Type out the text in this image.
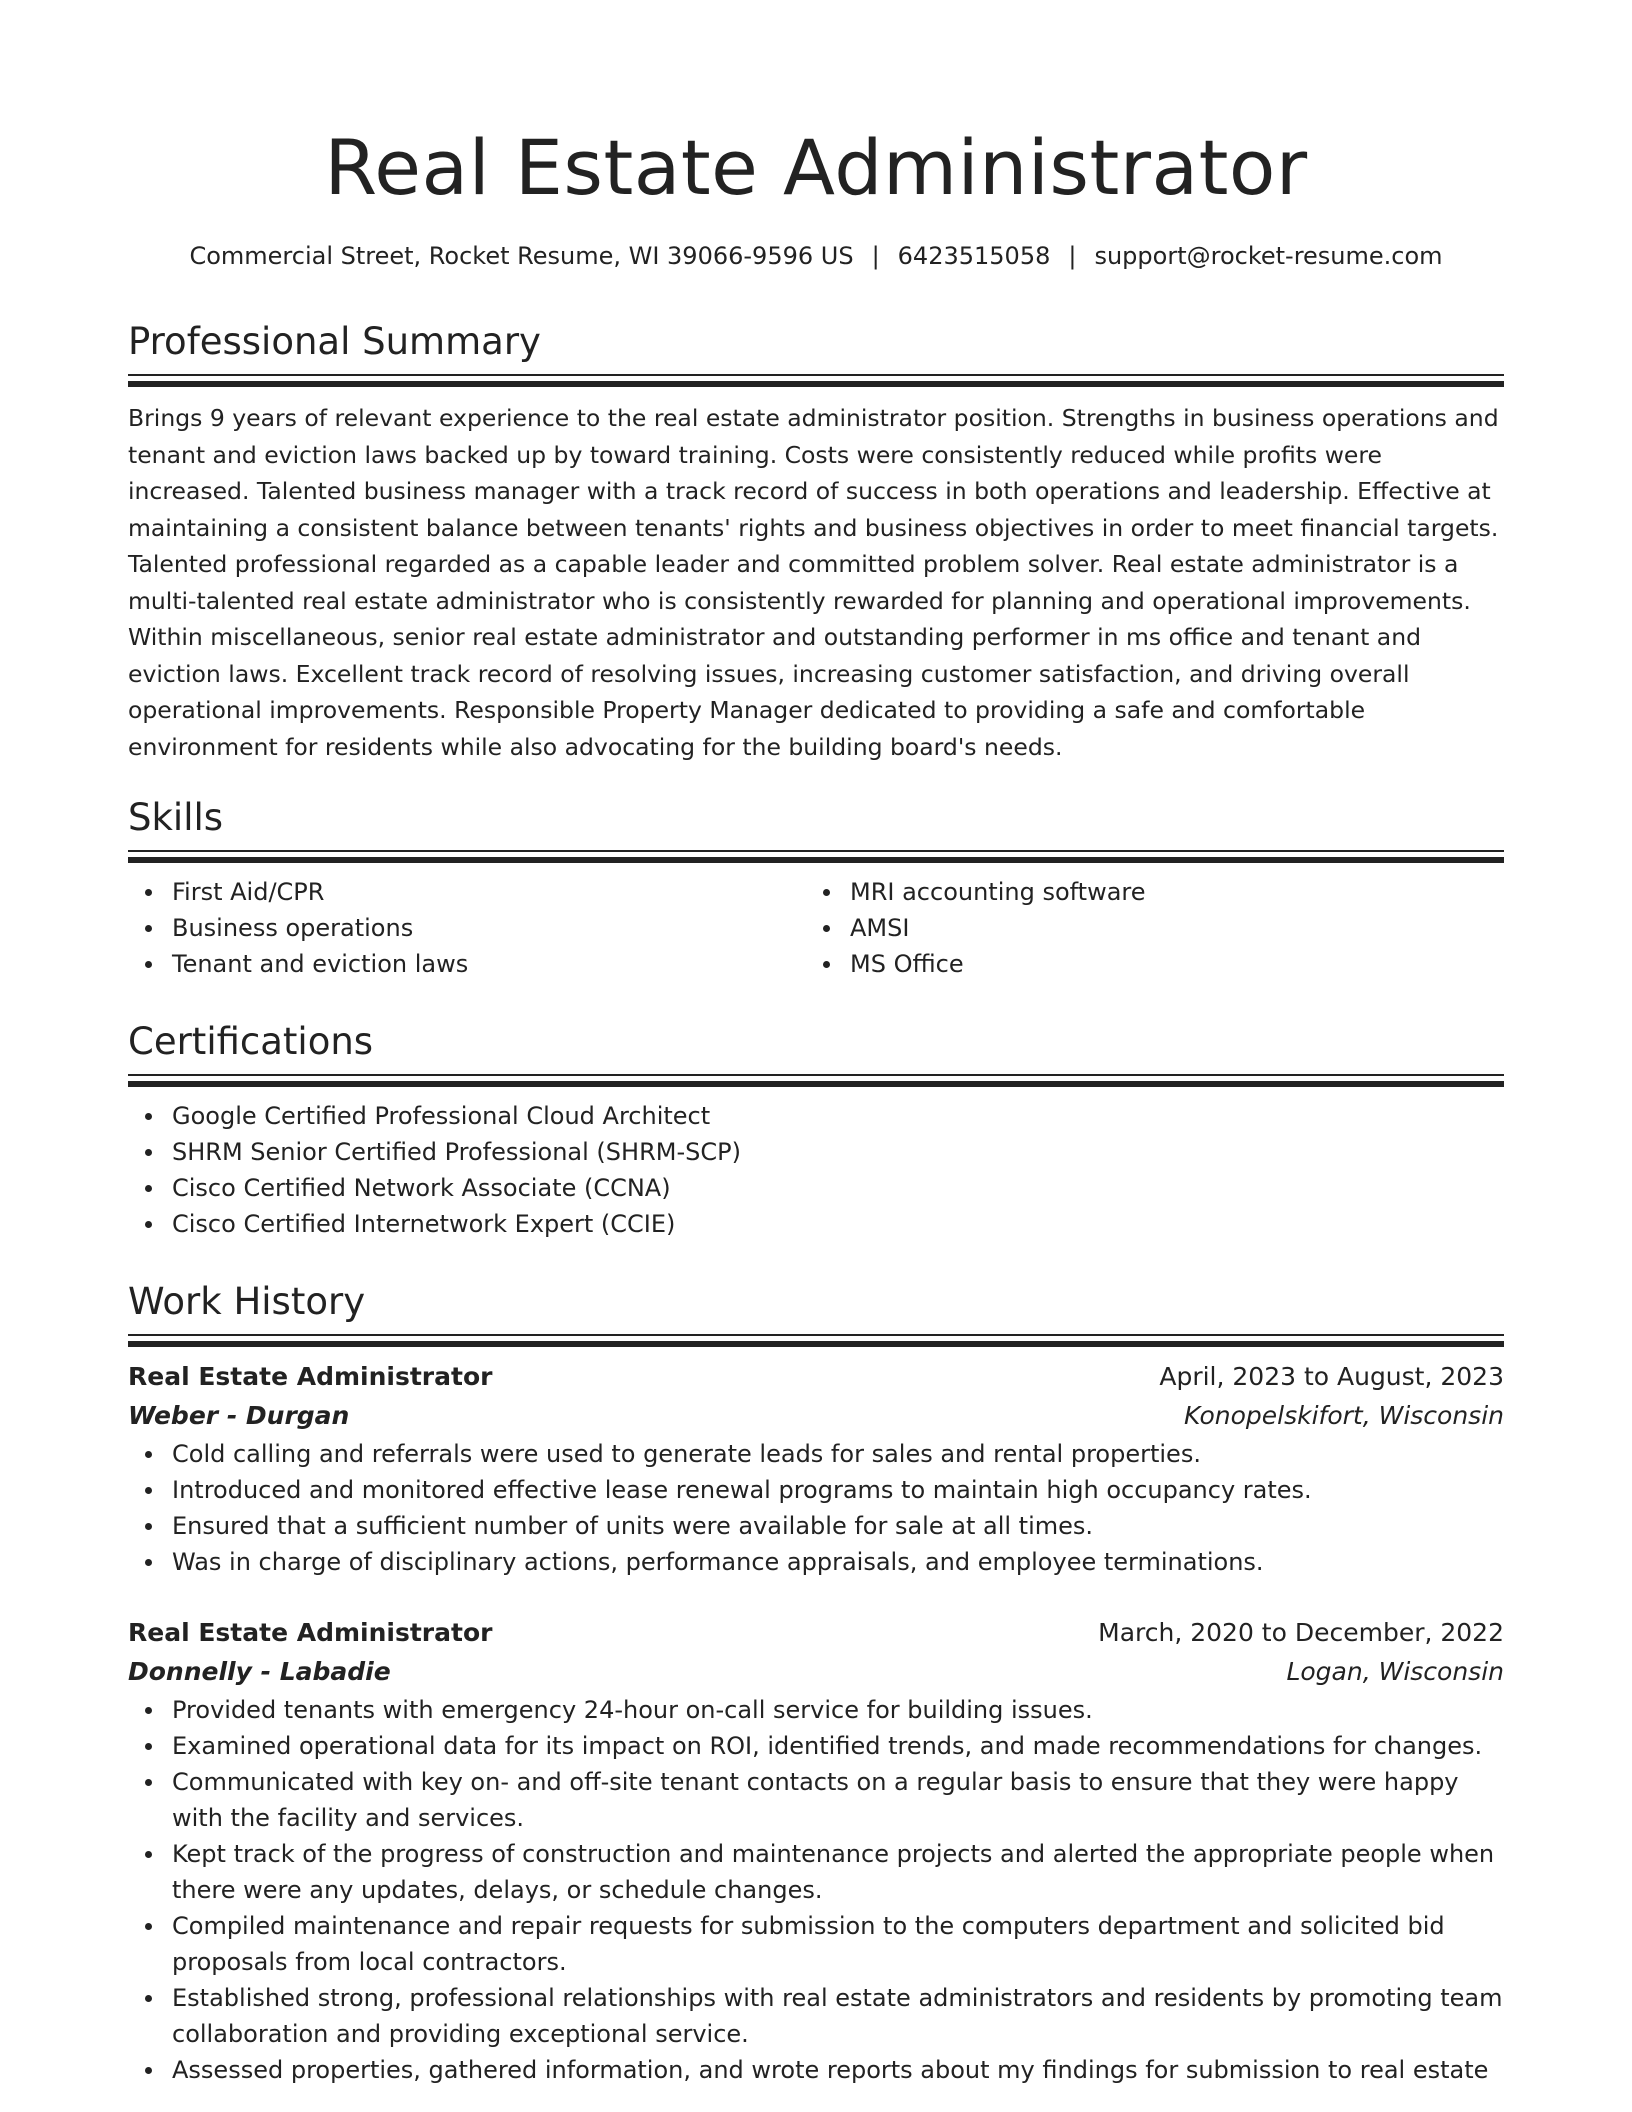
Real Estate Administrator
Commercial Street, Rocket Resume, WI 39066-9596 US | 6423515058 | support@rocket-resume.com
Professional Summary

Brings 9 years of relevant experience to the real estate administrator position. Strengths in business operations and tenant and eviction laws backed up by toward training. Costs were consistently reduced while profits were increased. Talented business manager with a track record of success in both operations and leadership. Effective at maintaining a consistent balance between tenants' rights and business objectives in order to meet financial targets. Talented professional regarded as a capable leader and committed problem solver. Real estate administrator is a multi-talented real estate administrator who is consistently rewarded for planning and operational improvements. Within miscellaneous, senior real estate administrator and outstanding performer in ms office and tenant and eviction laws. Excellent track record of resolving issues, increasing customer satisfaction, and driving overall operational improvements. Responsible Property Manager dedicated to providing a safe and comfortable environment for residents while also advocating for the building board's needs.

Skills
First Aid/CPR
Business operations
Tenant and eviction laws
MRI accounting software
AMSI
MS Office
Certifications
Google Certified Professional Cloud Architect
SHRM Senior Certified Professional (SHRM-SCP)
Cisco Certified Network Associate (CCNA)
Cisco Certified Internetwork Expert (CCIE)
Work History
Real Estate Administrator	April, 2023 to August, 2023
Weber - Durgan	Konopelskifort, Wisconsin
Cold calling and referrals were used to generate leads for sales and rental properties.
Introduced and monitored effective lease renewal programs to maintain high occupancy rates.
Ensured that a sufficient number of units were available for sale at all times.
Was in charge of disciplinary actions, performance appraisals, and employee terminations.
Real Estate Administrator	March, 2020 to December, 2022
Donnelly - Labadie	Logan, Wisconsin
Provided tenants with emergency 24-hour on-call service for building issues.
Examined operational data for its impact on ROI, identified trends, and made recommendations for changes.
Communicated with key on- and off-site tenant contacts on a regular basis to ensure that they were happy with the facility and services.
Kept track of the progress of construction and maintenance projects and alerted the appropriate people when there were any updates, delays, or schedule changes.
Compiled maintenance and repair requests for submission to the computers department and solicited bid proposals from local contractors.
Established strong, professional relationships with real estate administrators and residents by promoting team collaboration and providing exceptional service.
Assessed properties, gathered information, and wrote reports about my findings for submission to real estate
